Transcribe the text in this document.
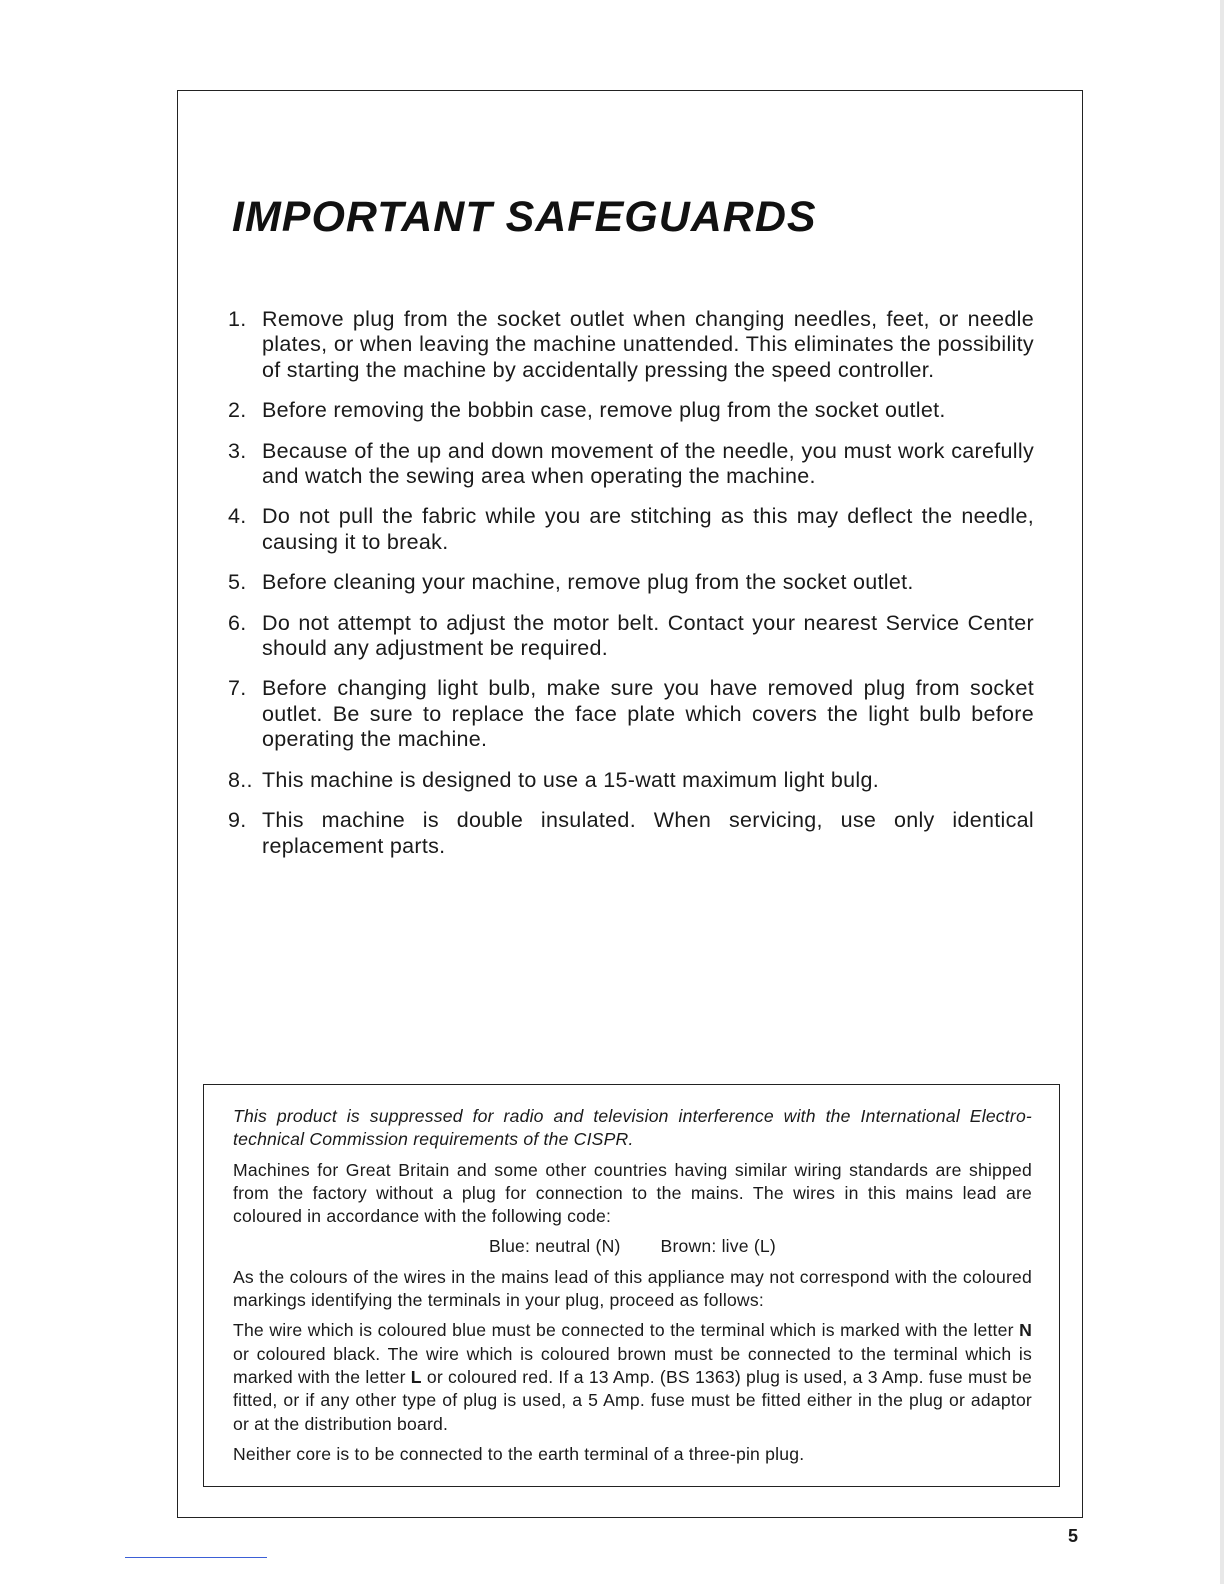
IMPORTANT SAFEGUARDS
1. Remove plug from the socket outlet when changing needles, feet, or needle plates, or when leaving the machine unattended. This eliminates the possibility of starting the machine by accidentally pressing the speed controller.
2. Before removing the bobbin case, remove plug from the socket outlet.
3. Because of the up and down movement of the needle, you must work carefully and watch the sewing area when operating the machine.
4. Do not pull the fabric while you are stitching as this may deflect the needle, causing it to break.
5. Before cleaning your machine, remove plug from the socket outlet.
6. Do not attempt to adjust the motor belt. Contact your nearest Service Center should any adjustment be required.
7. Before changing light bulb, make sure you have removed plug from socket outlet. Be sure to replace the face plate which covers the light bulb before operating the machine.
8.. This machine is designed to use a 15-watt maximum light bulg.
9. This machine is double insulated. When servicing, use only identical replacement parts.

This product is suppressed for radio and television interference with the International Electro-technical Commission requirements of the CISPR.

Machines for Great Britain and some other countries having similar wiring standards are shipped from the factory without a plug for connection to the mains. The wires in this mains lead are coloured in accordance with the following code:

Blue: neutral (N) Brown: live (L)

As the colours of the wires in the mains lead of this appliance may not correspond with the coloured markings identifying the terminals in your plug, proceed as follows:

The wire which is coloured blue must be connected to the terminal which is marked with the letter N or coloured black. The wire which is coloured brown must be connected to the terminal which is marked with the letter L or coloured red. If a 13 Amp. (BS 1363) plug is used, a 3 Amp. fuse must be fitted, or if any other type of plug is used, a 5 Amp. fuse must be fitted either in the plug or adaptor or at the distribution board.

Neither core is to be connected to the earth terminal of a three-pin plug.

5
